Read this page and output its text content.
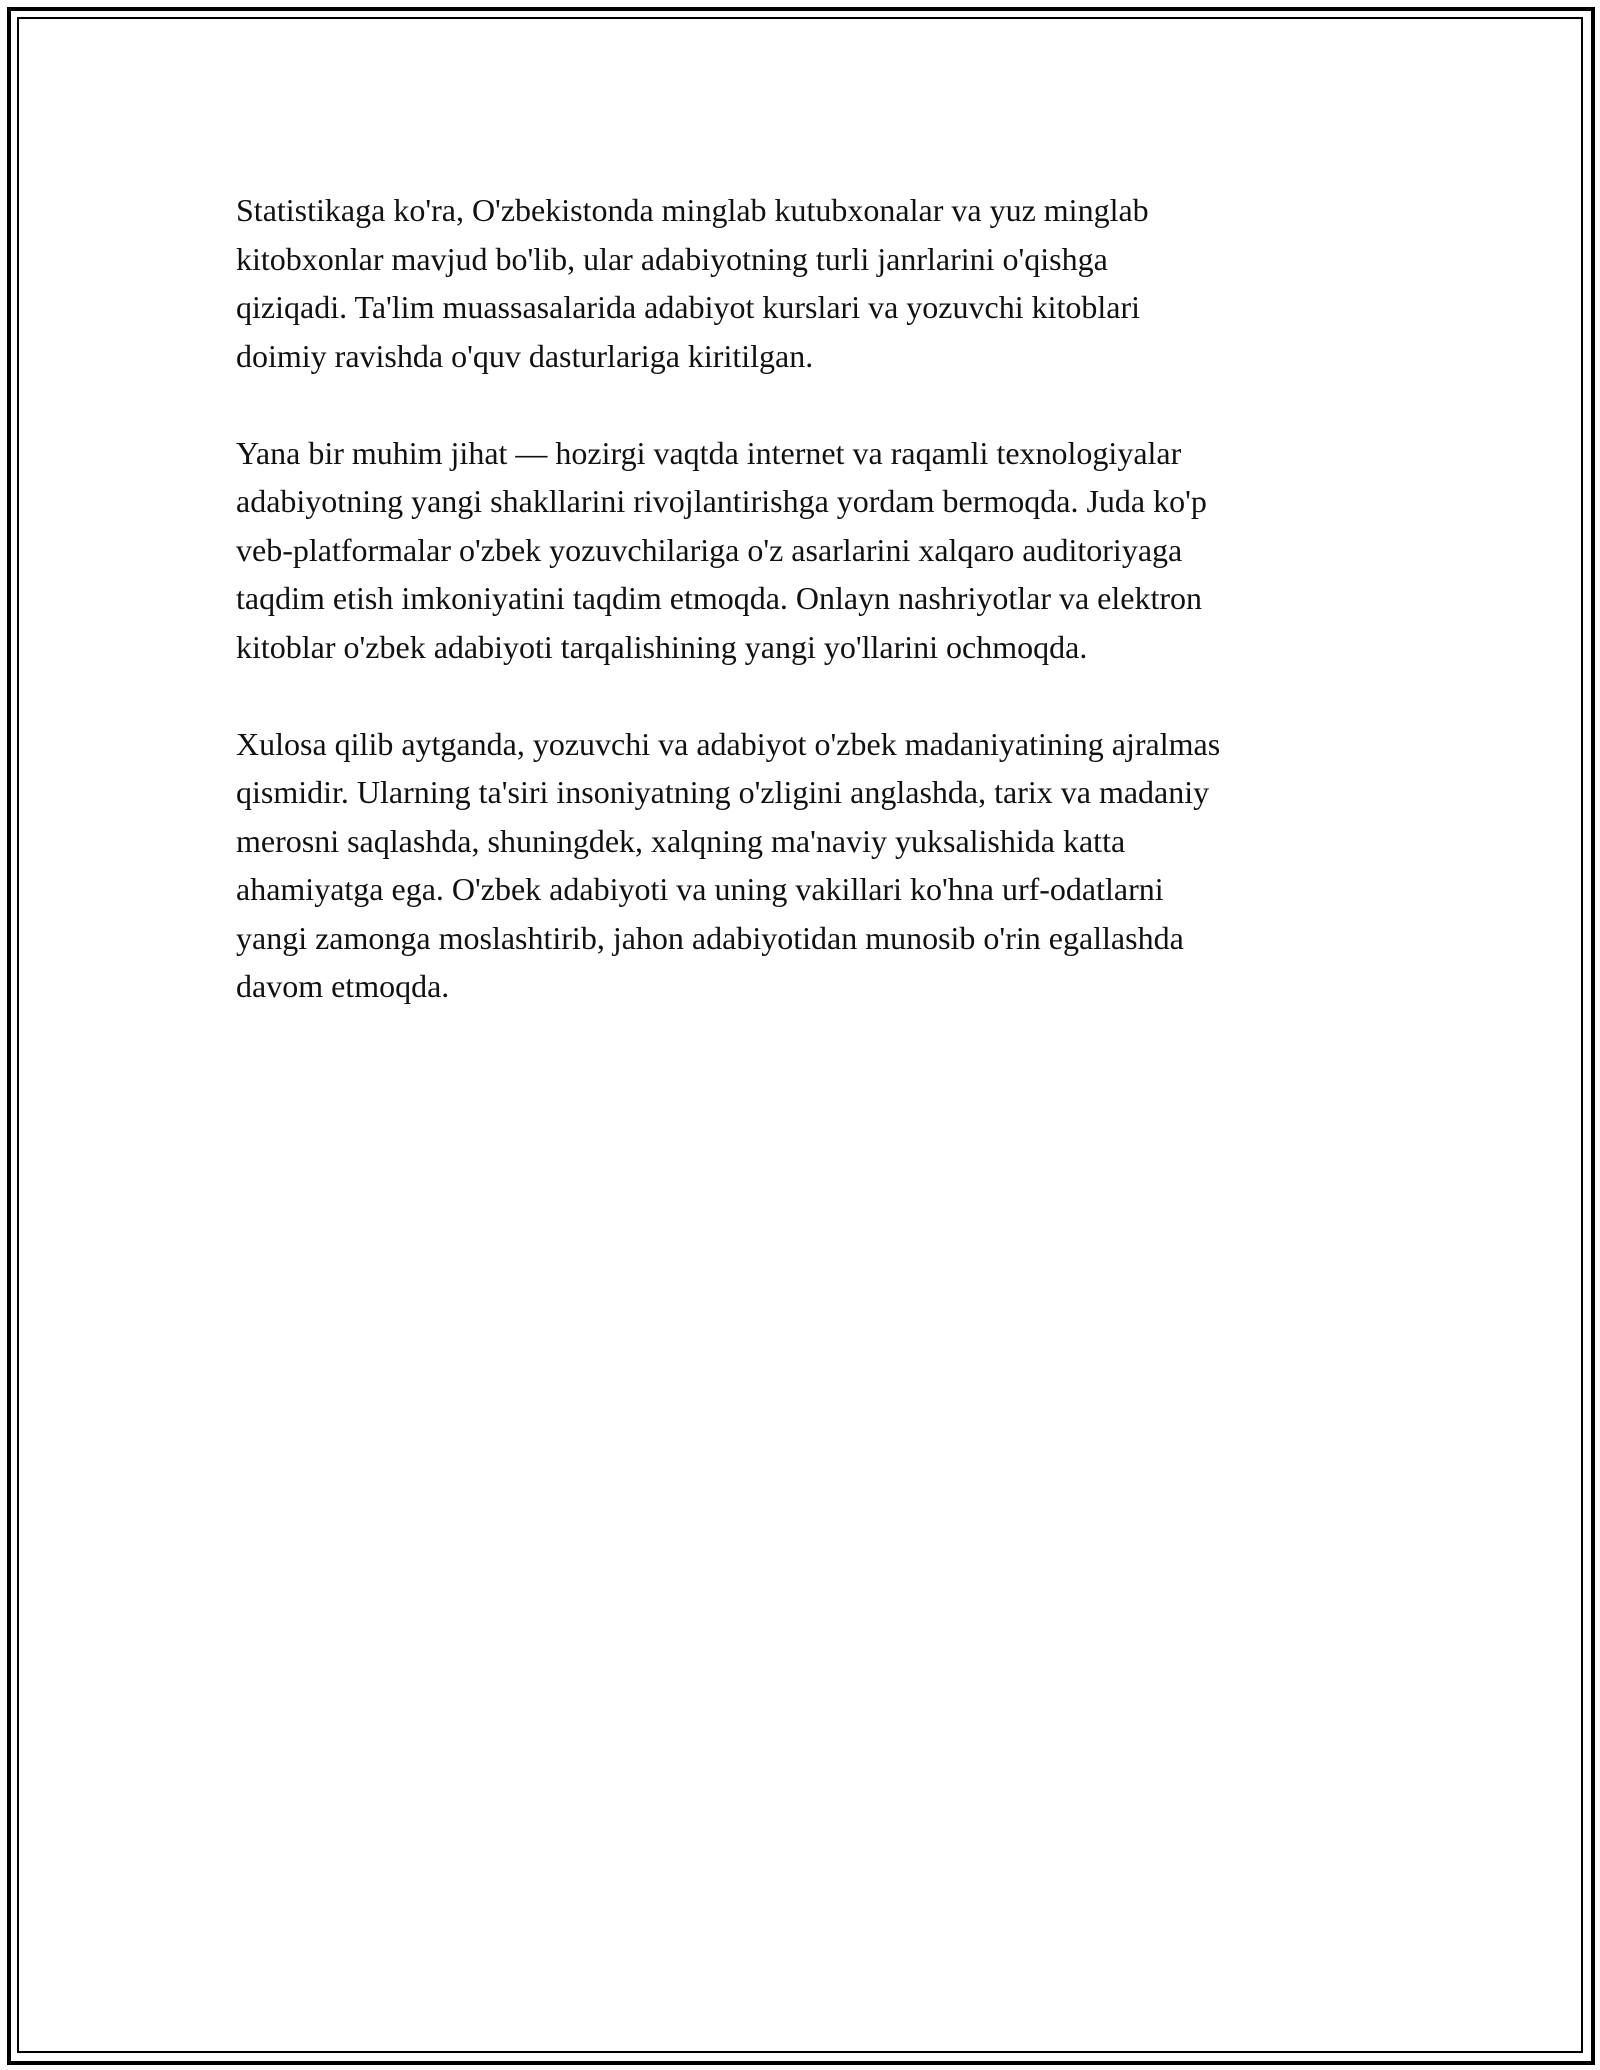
Statistikaga ko'ra, O'zbekistonda minglab kutubxonalar va yuz minglab
kitobxonlar mavjud bo'lib, ular adabiyotning turli janrlarini o'qishga
qiziqadi. Ta'lim muassasalarida adabiyot kurslari va yozuvchi kitoblari
doimiy ravishda o'quv dasturlariga kiritilgan.

Yana bir muhim jihat — hozirgi vaqtda internet va raqamli texnologiyalar
adabiyotning yangi shakllarini rivojlantirishga yordam bermoqda. Juda ko'p
veb-platformalar o'zbek yozuvchilariga o'z asarlarini xalqaro auditoriyaga
taqdim etish imkoniyatini taqdim etmoqda. Onlayn nashriyotlar va elektron
kitoblar o'zbek adabiyoti tarqalishining yangi yo'llarini ochmoqda.

Xulosa qilib aytganda, yozuvchi va adabiyot o'zbek madaniyatining ajralmas
qismidir. Ularning ta'siri insoniyatning o'zligini anglashda, tarix va madaniy
merosni saqlashda, shuningdek, xalqning ma'naviy yuksalishida katta
ahamiyatga ega. O'zbek adabiyoti va uning vakillari ko'hna urf-odatlarni
yangi zamonga moslashtirib, jahon adabiyotidan munosib o'rin egallashda
davom etmoqda.
